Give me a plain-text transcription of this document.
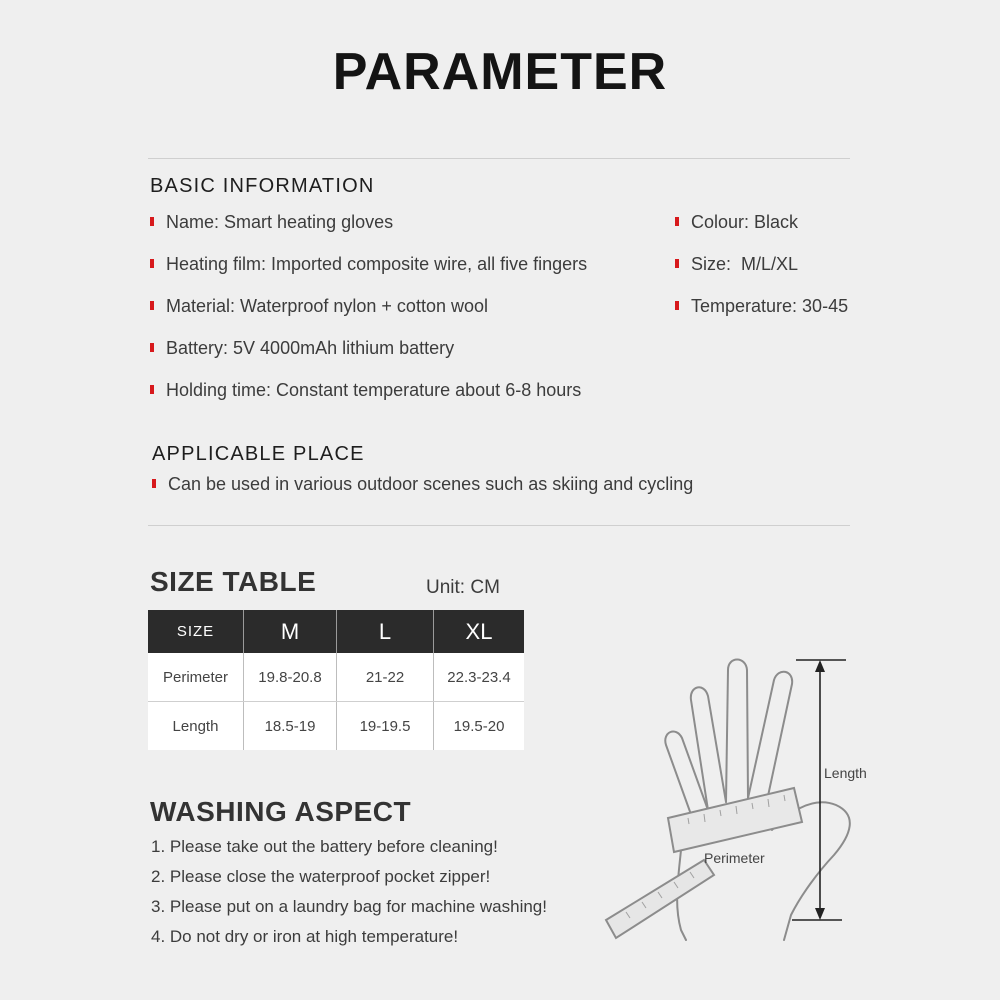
PARAMETER
BASIC INFORMATION
Name: Smart heating gloves
Heating film: Imported composite wire, all five fingers
Material: Waterproof nylon + cotton wool
Battery: 5V 4000mAh lithium battery
Holding time: Constant temperature about 6-8 hours
Colour: Black
Size:  M/L/XL
Temperature: 30-45
APPLICABLE PLACE
Can be used in various outdoor scenes such as skiing and cycling
SIZE TABLE	Unit: CM
SIZE	M	L	XL
Perimeter	19.8-20.8	21-22	22.3-23.4
Length	18.5-19	19-19.5	19.5-20
WASHING ASPECT
1. Please take out the battery before cleaning!
2. Please close the waterproof pocket zipper!
3. Please put on a laundry bag for machine washing!
4. Do not dry or iron at high temperature!
Length
Perimeter
